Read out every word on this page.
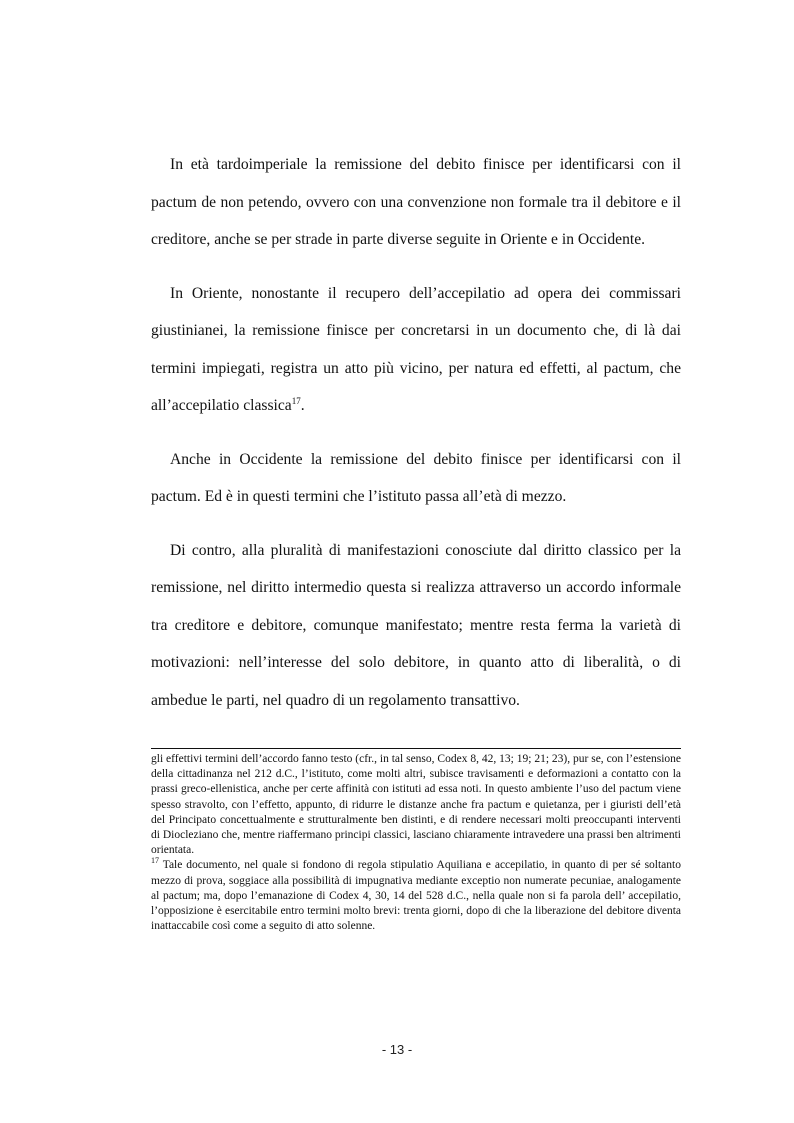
In età tardoimperiale la remissione del debito finisce per identificarsi con il pactum de non petendo, ovvero con una convenzione non formale tra il debitore e il creditore, anche se per strade in parte diverse seguite in Oriente e in Occidente.

In Oriente, nonostante il recupero dell’accepilatio ad opera dei commissari giustinianei, la remissione finisce per concretarsi in un documento che, di là dai termini impiegati, registra un atto più vicino, per natura ed effetti, al pactum, che all’accepilatio classica$^{17}$.

Anche in Occidente la remissione del debito finisce per identificarsi con il pactum. Ed è in questi termini che l’istituto passa all’età di mezzo.

Di contro, alla pluralità di manifestazioni conosciute dal diritto classico per la remissione, nel diritto intermedio questa si realizza attraverso un accordo informale tra creditore e debitore, comunque manifestato; mentre resta ferma la varietà di motivazioni: nell’interesse del solo debitore, in quanto atto di liberalità, o di ambedue le parti, nel quadro di un regolamento transattivo.

gli effettivi termini dell’accordo fanno testo (cfr., in tal senso, Codex 8, 42, 13; 19; 21; 23), pur se, con l’estensione della cittadinanza nel 212 d.C., l’istituto, come molti altri, subisce travisamenti e deformazioni a contatto con la prassi greco-ellenistica, anche per certe affinità con istituti ad essa noti. In questo ambiente l’uso del pactum viene spesso stravolto, con l’effetto, appunto, di ridurre le distanze anche fra pactum e quietanza, per i giuristi dell’età del Principato concettualmente e strutturalmente ben distinti, e di rendere necessari molti preoccupanti interventi di Diocleziano che, mentre riaffermano principi classici, lasciano chiaramente intravedere una prassi ben altrimenti orientata.

$^{17}$ Tale documento, nel quale si fondono di regola stipulatio Aquiliana e accepilatio, in quanto di per sé soltanto mezzo di prova, soggiace alla possibilità di impugnativa mediante exceptio non numerate pecuniae, analogamente al pactum; ma, dopo l’emanazione di Codex 4, 30, 14 del 528 d.C., nella quale non si fa parola dell’ accepilatio, l’opposizione è esercitabile entro termini molto brevi: trenta giorni, dopo di che la liberazione del debitore diventa inattaccabile così come a seguito di atto solenne.

- 13 -
